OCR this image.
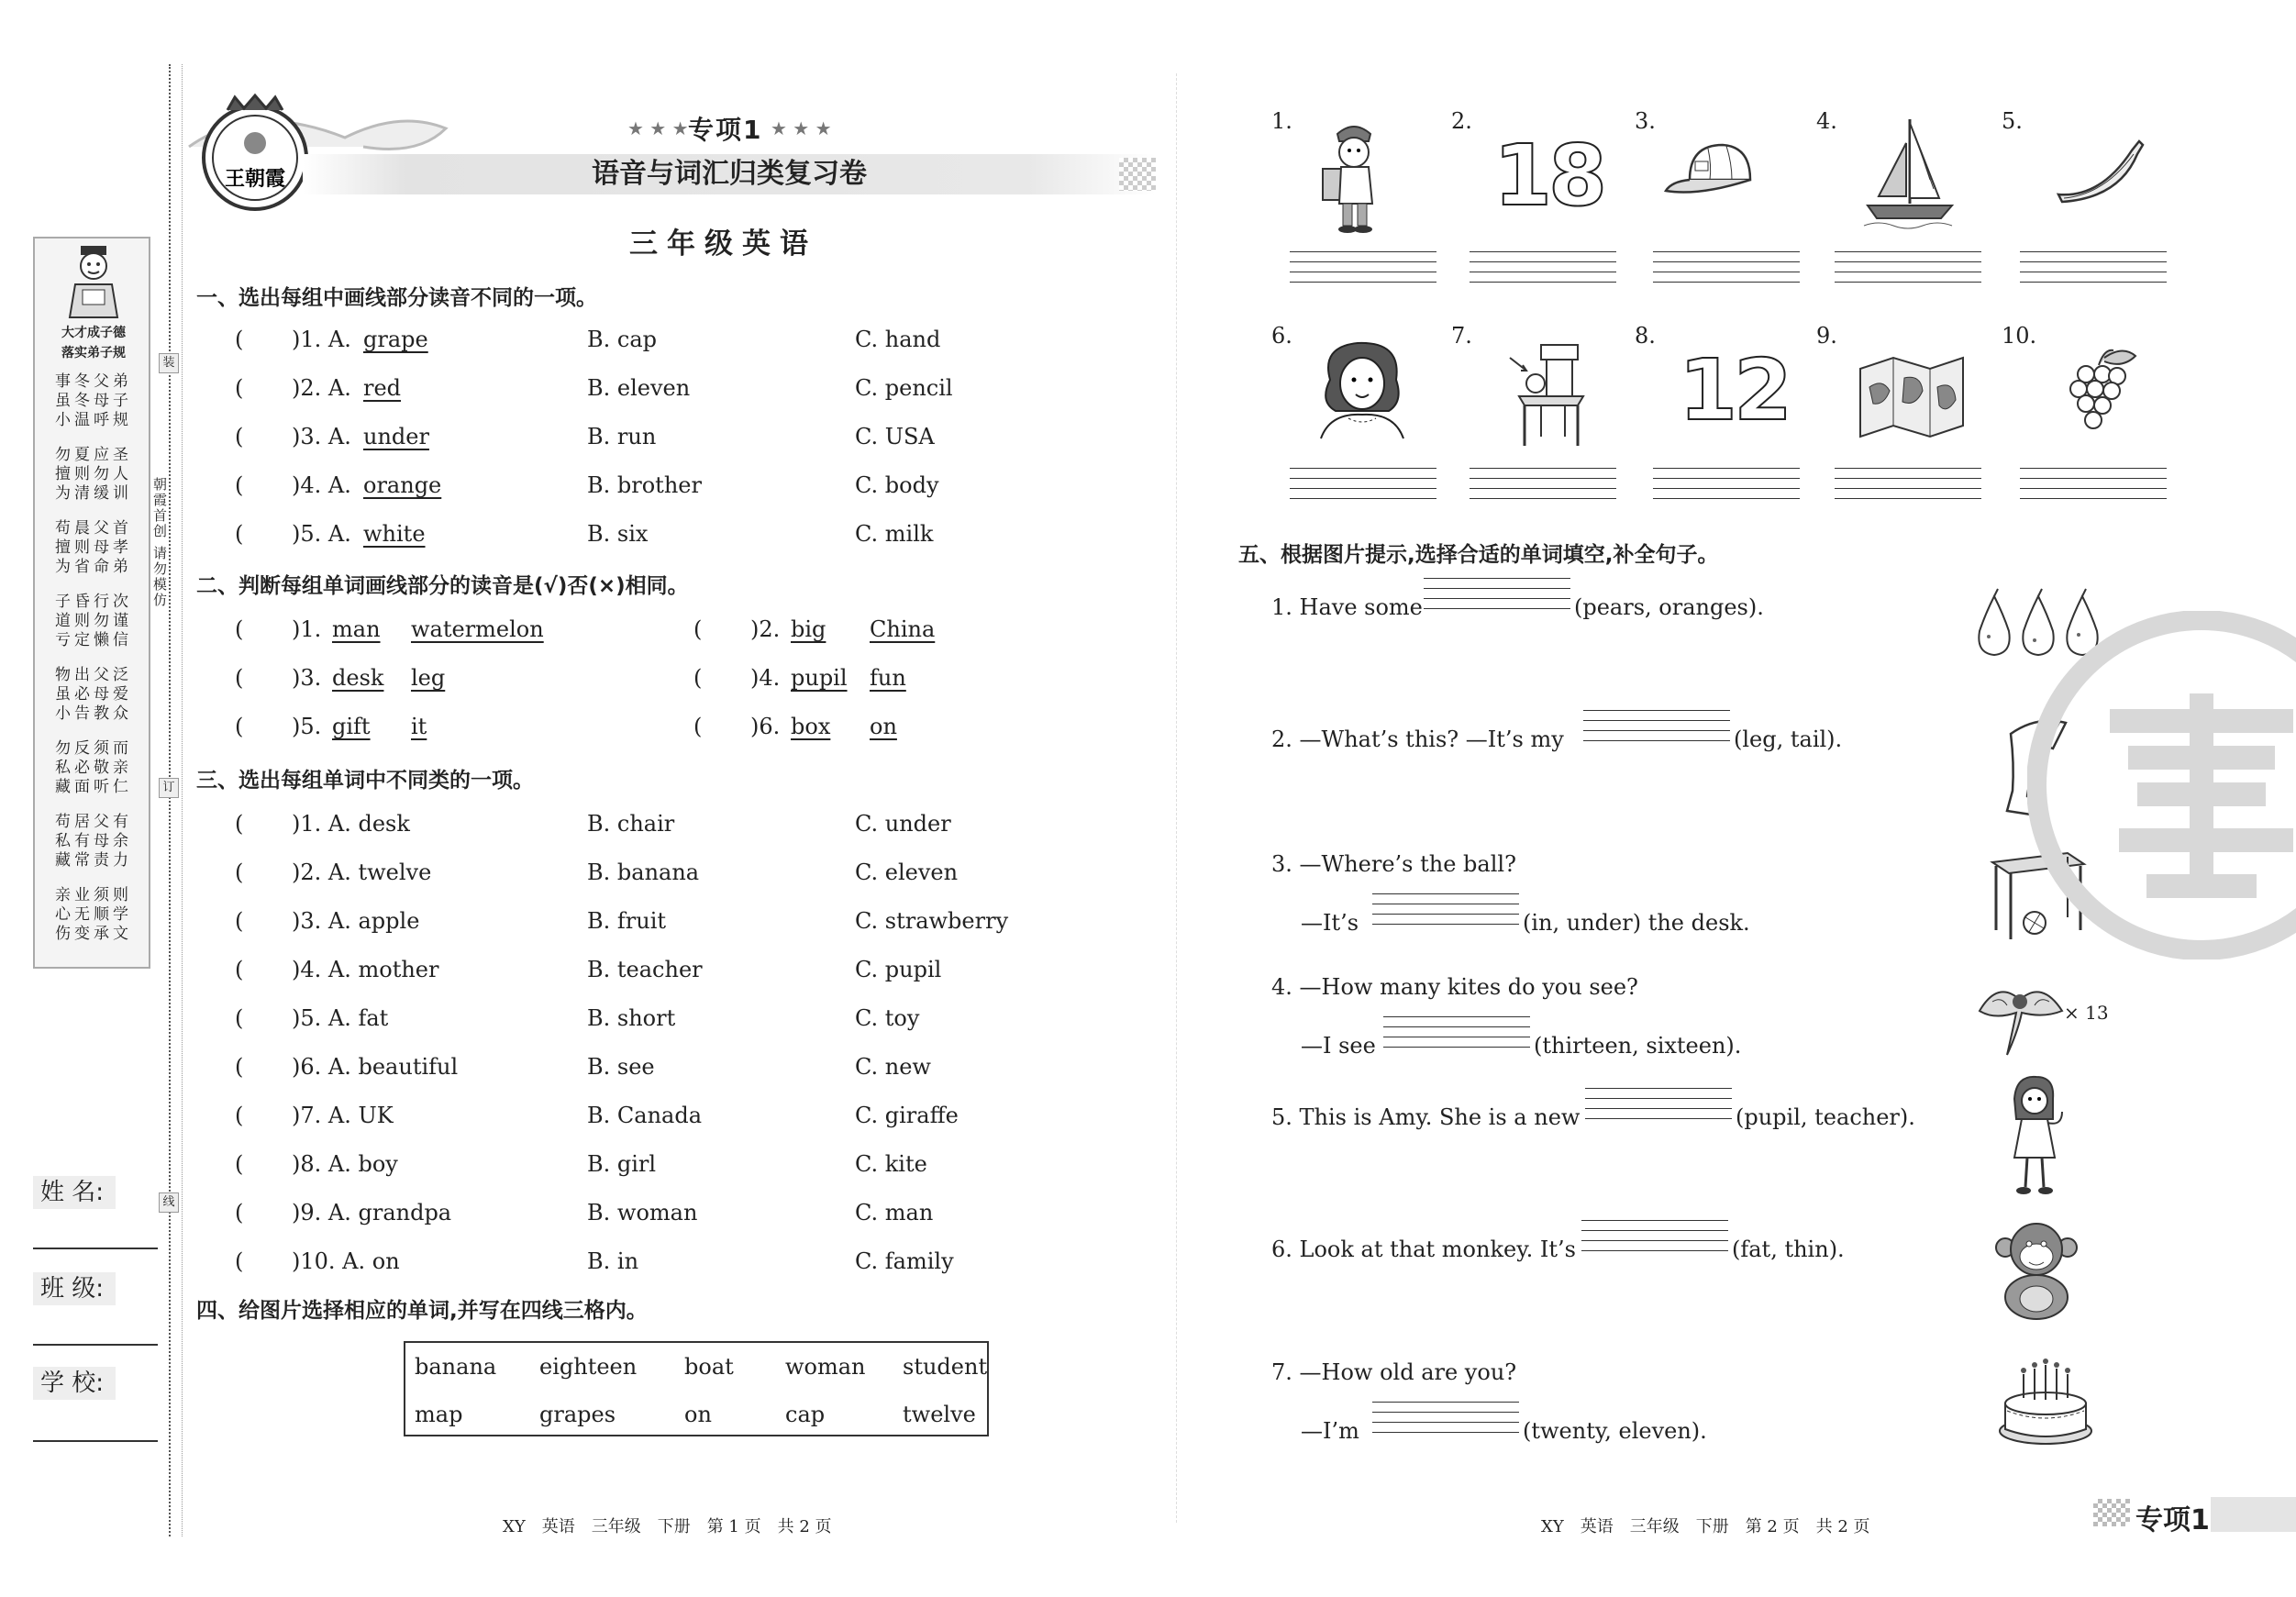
大才成子德
落实弟子规
事冬父弟
虽冬母子
小温呼规
勿夏应圣
擅则勿人
为清缓训
苟晨父首
擅则母孝
为省命弟
子昏行次
道则勿谨
亏定懒信
物出父泛
虽必母爱
小告教众
勿反须而
私必敬亲
藏面听仁
苟居父有
私有母余
藏常责力
亲业须则
心无顺学
伤变承文
装
订
线
朝霞首创 请勿模仿
姓 名:
班 级:
学 校:
王朝霞
★ ★ ★ 专项1 ★ ★ ★
语音与词汇归类复习卷
三年级英语
一、选出每组中画线部分读音不同的一项。
( )1. A. grape	B. cap	C. hand
( )2. A. red	B. eleven	C. pencil
( )3. A. under	B. run	C. USA
( )4. A. orange	B. brother	C. body
( )5. A. white	B. six	C. milk
二、判断每组单词画线部分的读音是(√)否(×)相同。
( )1. man watermelon	( )2. big China
( )3. desk leg	( )4. pupil fun
( )5. gift it	( )6. box on
三、选出每组单词中不同类的一项。
( )1. A. desk	B. chair	C. under
( )2. A. twelve	B. banana	C. eleven
( )3. A. apple	B. fruit	C. strawberry
( )4. A. mother	B. teacher	C. pupil
( )5. A. fat	B. short	C. toy
( )6. A. beautiful	B. see	C. new
( )7. A. UK	B. Canada	C. giraffe
( )8. A. boy	B. girl	C. kite
( )9. A. grandpa	B. woman	C. man
( )10. A. on	B. in	C. family
四、给图片选择相应的单词,并写在四线三格内。
banana eighteen boat woman student
map	grapes	on	cap	twelve
XY　英语　三年级　下册　第 1 页　共 2 页
1.	2.	3.	4.	5.
6.	7.	8.	9.	10.
18
12
五、根据图片提示,选择合适的单词填空,补全句子。
1. Have some	(pears, oranges).
2. —What’s this? —It’s my	(leg, tail).
—It’s	(in, under) the desk.
—I see	(thirteen, sixteen).
5. This is Amy. She is a new	(pupil, teacher).
6. Look at that monkey. It’s	(fat, thin).
—I’m	(twenty, eleven).
3. —Where’s the ball?
4. —How many kites do you see?
7. —How old are you?
× 13
XY　英语　三年级　下册　第 2 页　共 2 页	专项1
